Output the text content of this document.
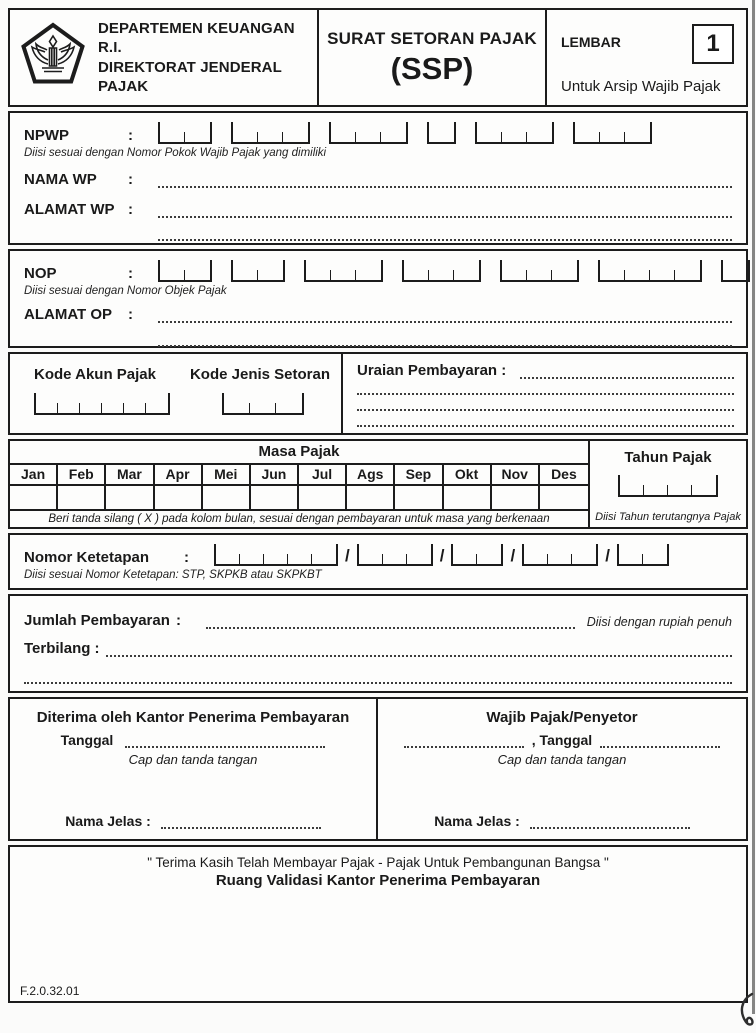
DEPARTEMEN KEUANGAN R.I.
DIREKTORAT JENDERAL PAJAK
SURAT SETORAN PAJAK
(SSP)
LEMBAR	1
Untuk Arsip Wajib Pajak
NPWP	:
Diisi sesuai dengan Nomor Pokok Wajib Pajak yang dimiliki
NAMA WP	:
ALAMAT WP :
NOP	:
Diisi sesuai dengan Nomor Objek Pajak
ALAMAT OP	:
Kode Akun Pajak	Kode Jenis Setoran	Uraian Pembayaran :
Masa Pajak
Jan	Feb	Mar	Apr	Mei	Jun	Jul	Ags	Sep	Okt	Nov	Des
Beri tanda silang ( X ) pada kolom bulan, sesuai dengan pembayaran untuk masa yang berkenaan
Tahun Pajak
Diisi Tahun terutangnya Pajak
Nomor Ketetapan	:	/	/	/	/
Diisi sesuai Nomor Ketetapan: STP, SKPKB atau SKPKBT
Jumlah Pembayaran :	Diisi dengan rupiah penuh
Terbilang :
Diterima oleh Kantor Penerima Pembayaran
Tanggal
Cap dan tanda tangan
Nama Jelas :
Wajib Pajak/Penyetor
, Tanggal
Cap dan tanda tangan
Nama Jelas :
" Terima Kasih Telah Membayar Pajak - Pajak Untuk Pembangunan Bangsa "
Ruang Validasi Kantor Penerima Pembayaran
F.2.0.32.01
